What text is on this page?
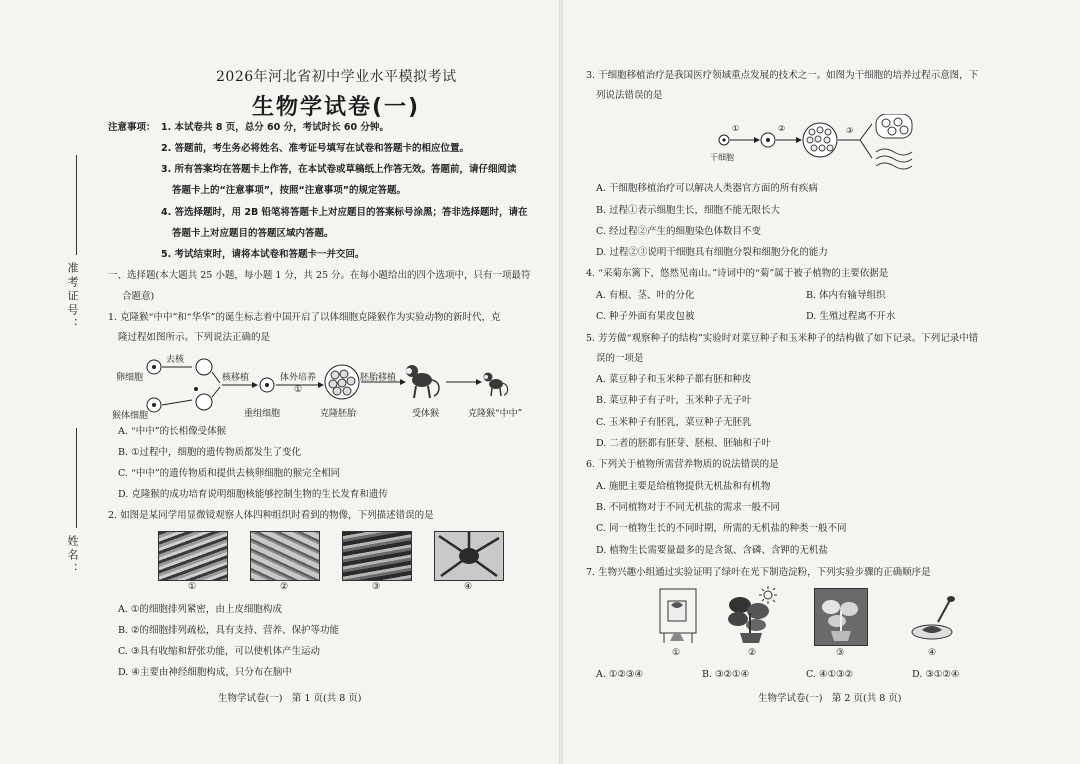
准考证号：
姓名：
2026年河北省初中学业水平模拟考试
生物学试卷(一)
注意事项： 1. 本试卷共 8 页，总分 60 分，考试时长 60 分钟。
2. 答题前，考生务必将姓名、准考证号填写在试卷和答题卡的相应位置。
3. 所有答案均在答题卡上作答，在本试卷或草稿纸上作答无效。答题前，请仔细阅读
答题卡上的“注意事项”，按照“注意事项”的规定答题。
4. 答选择题时，用 2B 铅笔将答题卡上对应题目的答案标号涂黑；答非选择题时，请在
答题卡上对应题目的答题区域内答题。
5. 考试结束时，请将本试卷和答题卡一并交回。
一、选择题(本大题共 25 小题，每小题 1 分，共 25 分。在每小题给出的四个选项中，只有一项最符
合题意)
1. 克隆猴“中中”和“华华”的诞生标志着中国开启了以体细胞克隆猴作为实验动物的新时代，克
隆过程如图所示。下列说法正确的是
去核
卵细胞
猴体细胞
核移植
重组细胞
体外培养
①
克隆胚胎
胚胎移植
受体猴	克隆猴“中中”
A. “中中”的长相像受体猴
B. ①过程中，细胞的遗传物质都发生了变化
C. “中中”的遗传物质和提供去核卵细胞的猴完全相同
D. 克隆猴的成功培育说明细胞核能够控制生物的生长发育和遗传
2. 如图是某同学用显微镜观察人体四种组织时看到的物像，下列描述错误的是
①	②	③	④
A. ①的细胞排列紧密，由上皮细胞构成
B. ②的细胞排列疏松，具有支持、营养、保护等功能
C. ③具有收缩和舒张功能，可以使机体产生运动
D. ④主要由神经细胞构成，只分布在脑中
生物学试卷(一)　第 1 页(共 8 页)
3. 干细胞移植治疗是我国医疗领域重点发展的技术之一。如图为干细胞的培养过程示意图，下
列说法错误的是
①	②	③
干细胞
A. 干细胞移植治疗可以解决人类器官方面的所有疾病
B. 过程①表示细胞生长，细胞不能无限长大
C. 经过程②产生的细胞染色体数目不变
D. 过程②③说明干细胞具有细胞分裂和细胞分化的能力
4. “采菊东篱下，悠然见南山。”诗词中的“菊”属于被子植物的主要依据是
A. 有根、茎、叶的分化	B. 体内有输导组织
C. 种子外面有果皮包被	D. 生殖过程离不开水
5. 芳芳做“观察种子的结构”实验时对菜豆种子和玉米种子的结构做了如下记录。下列记录中错
误的一项是
A. 菜豆种子和玉米种子都有胚和种皮
B. 菜豆种子有子叶，玉米种子无子叶
C. 玉米种子有胚乳，菜豆种子无胚乳
D. 二者的胚都有胚芽、胚根、胚轴和子叶
6. 下列关于植物所需营养物质的说法错误的是
A. 施肥主要是给植物提供无机盐和有机物
B. 不同植物对于不同无机盐的需求一般不同
C. 同一植物生长的不同时期，所需的无机盐的种类一般不同
D. 植物生长需要量最多的是含氮、含磷、含钾的无机盐
7. 生物兴趣小组通过实验证明了绿叶在光下制造淀粉，下列实验步骤的正确顺序是
①	②	③	④
A. ①②③④	B. ③②①④	C. ④①③②	D. ③①②④
生物学试卷(一)　第 2 页(共 8 页)
